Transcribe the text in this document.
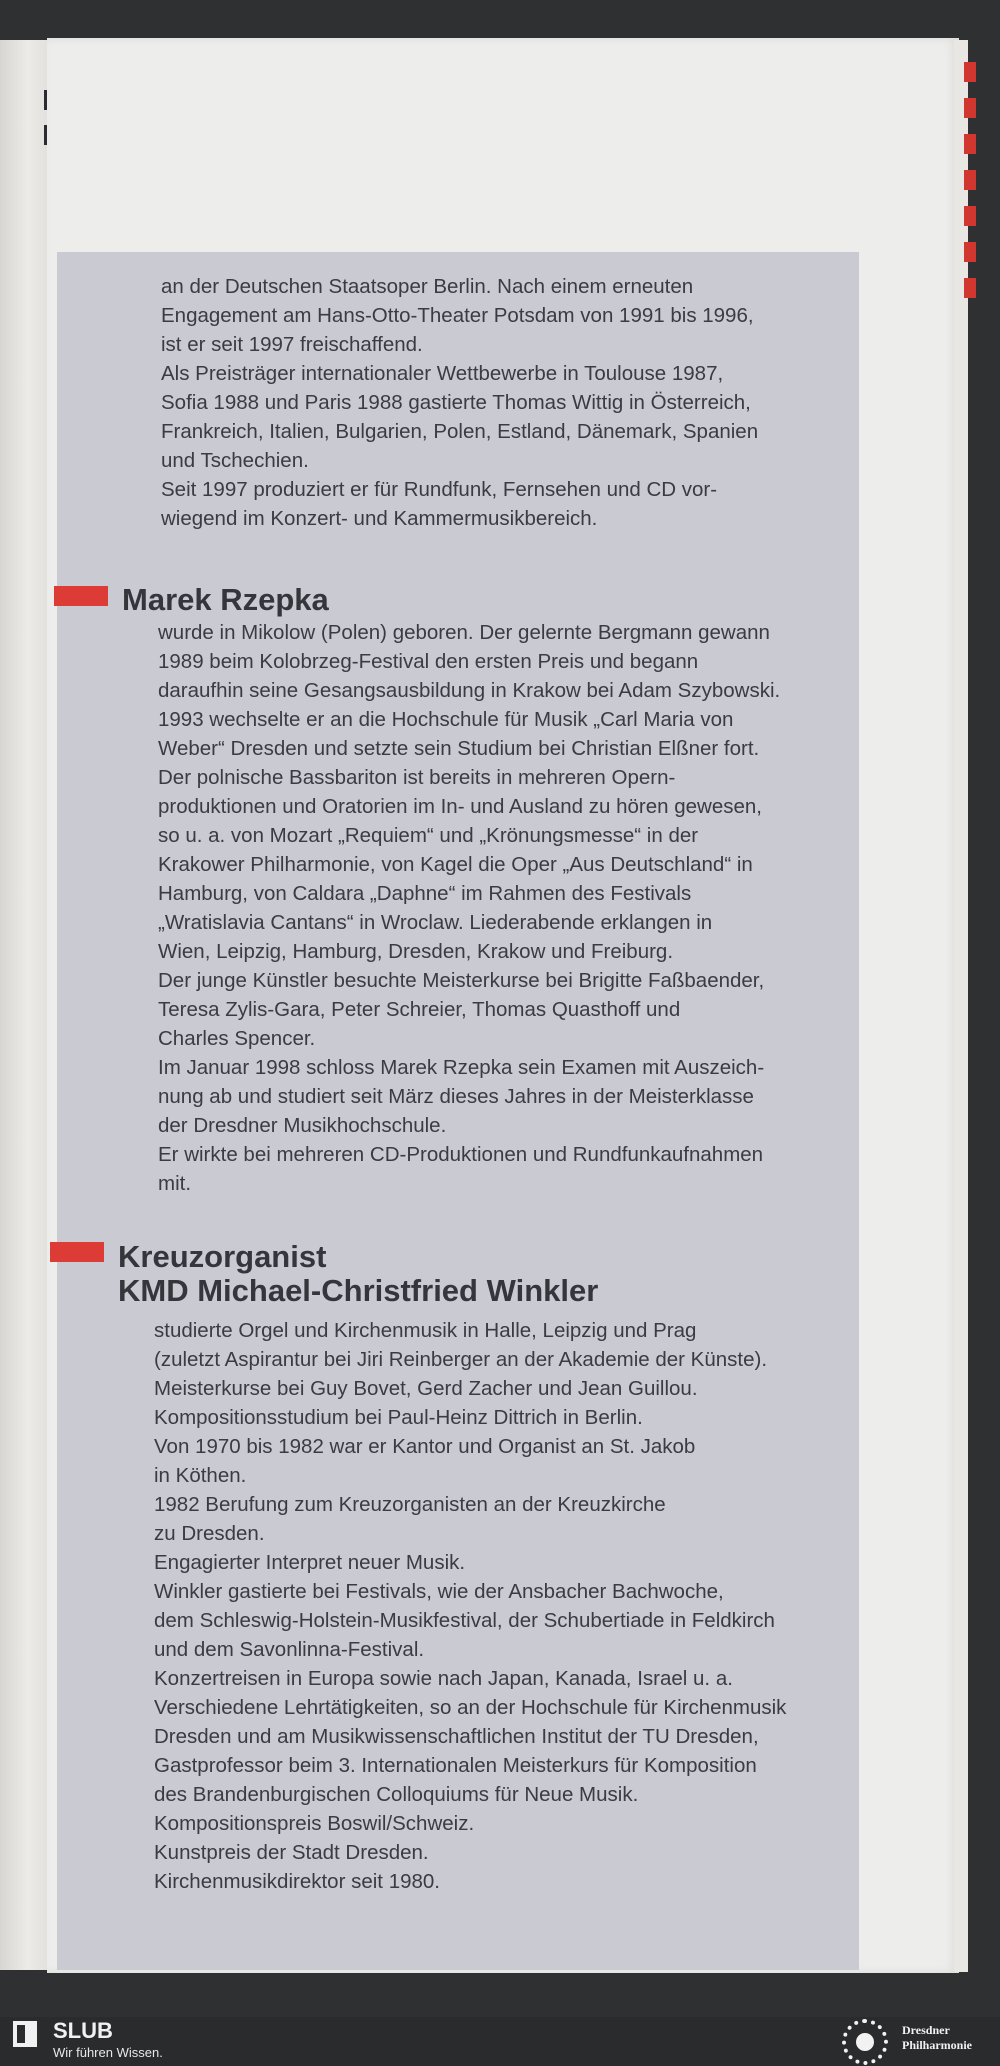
an der Deutschen Staatsoper Berlin. Nach einem erneuten
Engagement am Hans-Otto-Theater Potsdam von 1991 bis 1996,
ist er seit 1997 freischaffend.
Als Preisträger internationaler Wettbewerbe in Toulouse 1987,
Sofia 1988 und Paris 1988 gastierte Thomas Wittig in Österreich,
Frankreich, Italien, Bulgarien, Polen, Estland, Dänemark, Spanien
und Tschechien.
Seit 1997 produziert er für Rundfunk, Fernsehen und CD vor-
wiegend im Konzert- und Kammermusikbereich.

Marek Rzepka

wurde in Mikolow (Polen) geboren. Der gelernte Bergmann gewann
1989 beim Kolobrzeg-Festival den ersten Preis und begann
daraufhin seine Gesangsausbildung in Krakow bei Adam Szybowski.
1993 wechselte er an die Hochschule für Musik „Carl Maria von
Weber“ Dresden und setzte sein Studium bei Christian Elßner fort.
Der polnische Bassbariton ist bereits in mehreren Opern-
produktionen und Oratorien im In- und Ausland zu hören gewesen,
so u. a. von Mozart „Requiem“ und „Krönungsmesse“ in der
Krakower Philharmonie, von Kagel die Oper „Aus Deutschland“ in
Hamburg, von Caldara „Daphne“ im Rahmen des Festivals
„Wratislavia Cantans“ in Wroclaw. Liederabende erklangen in
Wien, Leipzig, Hamburg, Dresden, Krakow und Freiburg.
Der junge Künstler besuchte Meisterkurse bei Brigitte Faßbaender,
Teresa Zylis-Gara, Peter Schreier, Thomas Quasthoff und
Charles Spencer.
Im Januar 1998 schloss Marek Rzepka sein Examen mit Auszeich-
nung ab und studiert seit März dieses Jahres in der Meisterklasse
der Dresdner Musikhochschule.
Er wirkte bei mehreren CD-Produktionen und Rundfunkaufnahmen
mit.

Kreuzorganist
KMD Michael-Christfried Winkler

studierte Orgel und Kirchenmusik in Halle, Leipzig und Prag
(zuletzt Aspirantur bei Jiri Reinberger an der Akademie der Künste).
Meisterkurse bei Guy Bovet, Gerd Zacher und Jean Guillou.
Kompositionsstudium bei Paul-Heinz Dittrich in Berlin.
Von 1970 bis 1982 war er Kantor und Organist an St. Jakob
in Köthen.
1982 Berufung zum Kreuzorganisten an der Kreuzkirche
zu Dresden.
Engagierter Interpret neuer Musik.
Winkler gastierte bei Festivals, wie der Ansbacher Bachwoche,
dem Schleswig-Holstein-Musikfestival, der Schubertiade in Feldkirch
und dem Savonlinna-Festival.
Konzertreisen in Europa sowie nach Japan, Kanada, Israel u. a.
Verschiedene Lehrtätigkeiten, so an der Hochschule für Kirchenmusik
Dresden und am Musikwissenschaftlichen Institut der TU Dresden,
Gastprofessor beim 3. Internationalen Meisterkurs für Komposition
des Brandenburgischen Colloquiums für Neue Musik.
Kompositionspreis Boswil/Schweiz.
Kunstpreis der Stadt Dresden.
Kirchenmusikdirektor seit 1980.

SLUB
Wir führen Wissen.
Dresdner
Philharmonie
